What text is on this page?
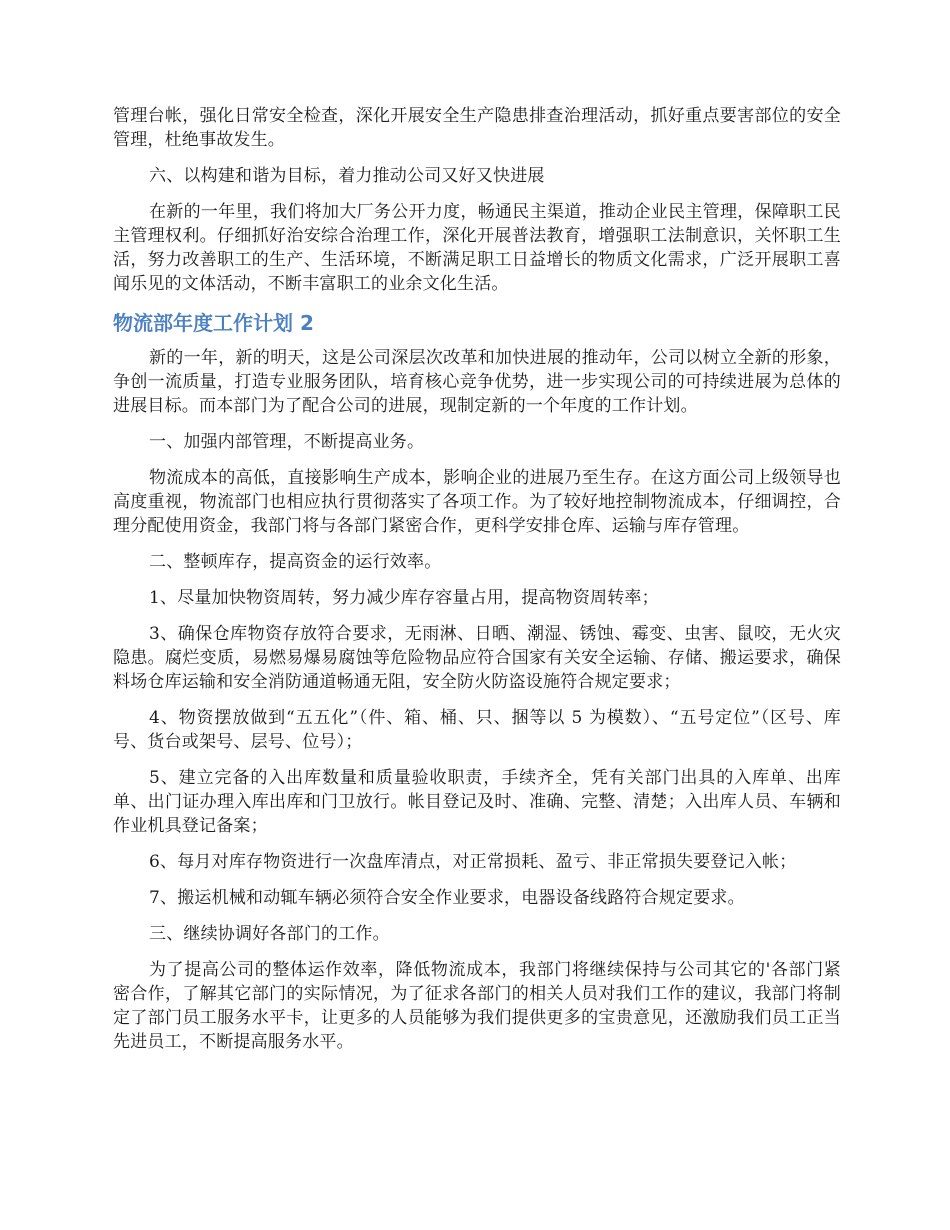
管理台帐，强化日常安全检查，深化开展安全生产隐患排查治理活动，抓好重点要害部位的安全管理，杜绝事故发生。

六、以构建和谐为目标，着力推动公司又好又快进展

在新的一年里，我们将加大厂务公开力度，畅通民主渠道，推动企业民主管理，保障职工民主管理权利。仔细抓好治安综合治理工作，深化开展普法教育，增强职工法制意识，关怀职工生活，努力改善职工的生产、生活环境，不断满足职工日益增长的物质文化需求，广泛开展职工喜闻乐见的文体活动，不断丰富职工的业余文化生活。

物流部年度工作计划 2

新的一年，新的明天，这是公司深层次改革和加快进展的推动年，公司以树立全新的形象，争创一流质量，打造专业服务团队，培育核心竞争优势，进一步实现公司的可持续进展为总体的进展目标。而本部门为了配合公司的进展，现制定新的一个年度的工作计划。

一、加强内部管理，不断提高业务。

物流成本的高低，直接影响生产成本，影响企业的进展乃至生存。在这方面公司上级领导也高度重视，物流部门也相应执行贯彻落实了各项工作。为了较好地控制物流成本，仔细调控，合理分配使用资金，我部门将与各部门紧密合作，更科学安排仓库、运输与库存管理。

二、整顿库存，提高资金的运行效率。

1、尽量加快物资周转，努力减少库存容量占用，提高物资周转率；

3、确保仓库物资存放符合要求，无雨淋、日晒、潮湿、锈蚀、霉变、虫害、鼠咬，无火灾隐患。腐烂变质，易燃易爆易腐蚀等危险物品应符合国家有关安全运输、存储、搬运要求，确保料场仓库运输和安全消防通道畅通无阻，安全防火防盗设施符合规定要求；

4、物资摆放做到“五五化”（件、箱、桶、只、捆等以 5 为模数）、“五号定位”（区号、库号、货台或架号、层号、位号）；

5、建立完备的入出库数量和质量验收职责，手续齐全，凭有关部门出具的入库单、出库单、出门证办理入库出库和门卫放行。帐目登记及时、准确、完整、清楚；入出库人员、车辆和作业机具登记备案；

6、每月对库存物资进行一次盘库清点，对正常损耗、盈亏、非正常损失要登记入帐；

7、搬运机械和动辄车辆必须符合安全作业要求，电器设备线路符合规定要求。

三、继续协调好各部门的工作。

为了提高公司的整体运作效率，降低物流成本，我部门将继续保持与公司其它的'各部门紧密合作，了解其它部门的实际情况，为了征求各部门的相关人员对我们工作的建议，我部门将制定了部门员工服务水平卡，让更多的人员能够为我们提供更多的宝贵意见，还激励我们员工正当先进员工，不断提高服务水平。
